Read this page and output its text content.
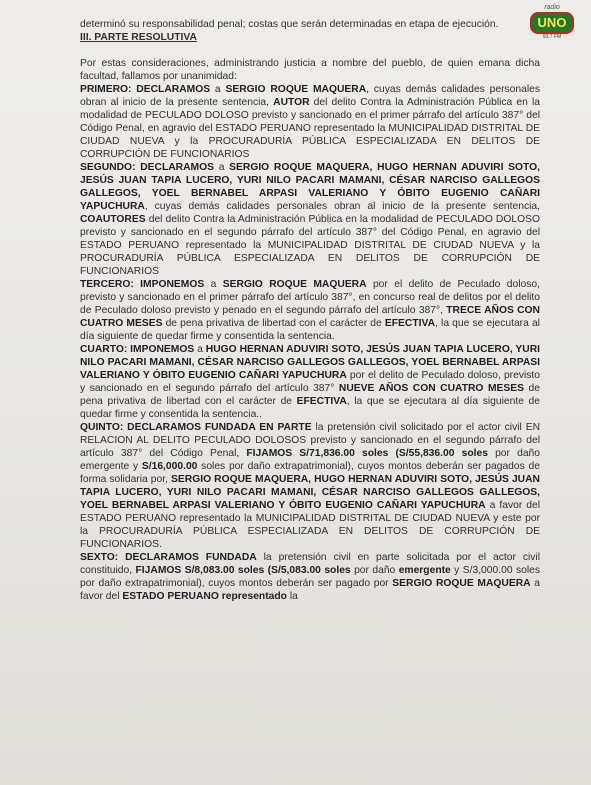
radio
UNO
93.7 FM

determinó su responsabilidad penal; costas que serán determinadas en etapa de ejecución.

III. PARTE RESOLUTIVA

Por estas consideraciones, administrando justicia a nombre del pueblo, de quien emana dicha facultad, fallamos por unanimidad:

PRIMERO: DECLARAMOS a SERGIO ROQUE MAQUERA, cuyas demás calidades personales obran al inicio de la presente sentencia, AUTOR del delito Contra la Administración Pública en la modalidad de PECULADO DOLOSO previsto y sancionado en el primer párrafo del artículo 387° del Código Penal, en agravio del ESTADO PERUANO representado la MUNICIPALIDAD DISTRITAL DE CIUDAD NUEVA y la PROCURADURÍA PÚBLICA ESPECIALIZADA EN DELITOS DE CORRUPCIÓN DE FUNCIONARIOS

SEGUNDO: DECLARAMOS a SERGIO ROQUE MAQUERA, HUGO HERNAN ADUVIRI SOTO, JESÚS JUAN TAPIA LUCERO, YURI NILO PACARI MAMANI, CÉSAR NARCISO GALLEGOS GALLEGOS, YOEL BERNABEL ARPASI VALERIANO Y ÓBITO EUGENIO CAÑARI YAPUCHURA, cuyas demás calidades personales obran al inicio de la presente sentencia, COAUTORES del delito Contra la Administración Pública en la modalidad de PECULADO DOLOSO previsto y sancionado en el segundo párrafo del artículo 387° del Código Penal, en agravio del ESTADO PERUANO representado la MUNICIPALIDAD DISTRITAL DE CIUDAD NUEVA y la PROCURADURÍA PÚBLICA ESPECIALIZADA EN DELITOS DE CORRUPCIÓN DE FUNCIONARIOS

TERCERO: IMPONEMOS a SERGIO ROQUE MAQUERA por el delito de Peculado doloso, previsto y sancionado en el primer párrafo del artículo 387°, en concurso real de delitos por el delito de Peculado doloso previsto y penado en el segundo párrafo del artículo 387°, TRECE AÑOS CON CUATRO MESES de pena privativa de libertad con el carácter de EFECTIVA, la que se ejecutara al día siguiente de quedar firme y consentida la sentencia.

CUARTO: IMPONEMOS a HUGO HERNAN ADUVIRI SOTO, JESÚS JUAN TAPIA LUCERO, YURI NILO PACARI MAMANI, CÉSAR NARCISO GALLEGOS GALLEGOS, YOEL BERNABEL ARPASI VALERIANO Y ÓBITO EUGENIO CAÑARI YAPUCHURA por el delito de Peculado doloso, previsto y sancionado en el segundo párrafo del artículo 387° NUEVE AÑOS CON CUATRO MESES de pena privativa de libertad con el carácter de EFECTIVA, la que se ejecutara al día siguiente de quedar firme y consentida la sentencia..

QUINTO: DECLARAMOS FUNDADA EN PARTE la pretensión civil solicitado por el actor civil EN RELACION AL DELITO PECULADO DOLOSOS previsto y sancionado en el segundo párrafo del artículo 387° del Código Penal, FIJAMOS S/71,836.00 soles (S/55,836.00 soles por daño emergente y S/16,000.00 soles por daño extrapatrimonial), cuyos montos deberán ser pagados de forma solidaria por, SERGIO ROQUE MAQUERA, HUGO HERNAN ADUVIRI SOTO, JESÚS JUAN TAPIA LUCERO, YURI NILO PACARI MAMANI, CÉSAR NARCISO GALLEGOS GALLEGOS, YOEL BERNABEL ARPASI VALERIANO Y ÓBITO EUGENIO CAÑARI YAPUCHURA a favor del ESTADO PERUANO representado la MUNICIPALIDAD DISTRITAL DE CIUDAD NUEVA y este por la PROCURADURÍA PÚBLICA ESPECIALIZADA EN DELITOS DE CORRUPCIÓN DE FUNCIONARIOS.

SEXTO: DECLARAMOS FUNDADA la pretensión civil en parte solicitada por el actor civil constituido, FIJAMOS S/8,083.00 soles (S/5,083.00 soles por daño emergente y S/3,000.00 soles por daño extrapatrimonial), cuyos montos deberán ser pagado por SERGIO ROQUE MAQUERA a favor del ESTADO PERUANO representado la
